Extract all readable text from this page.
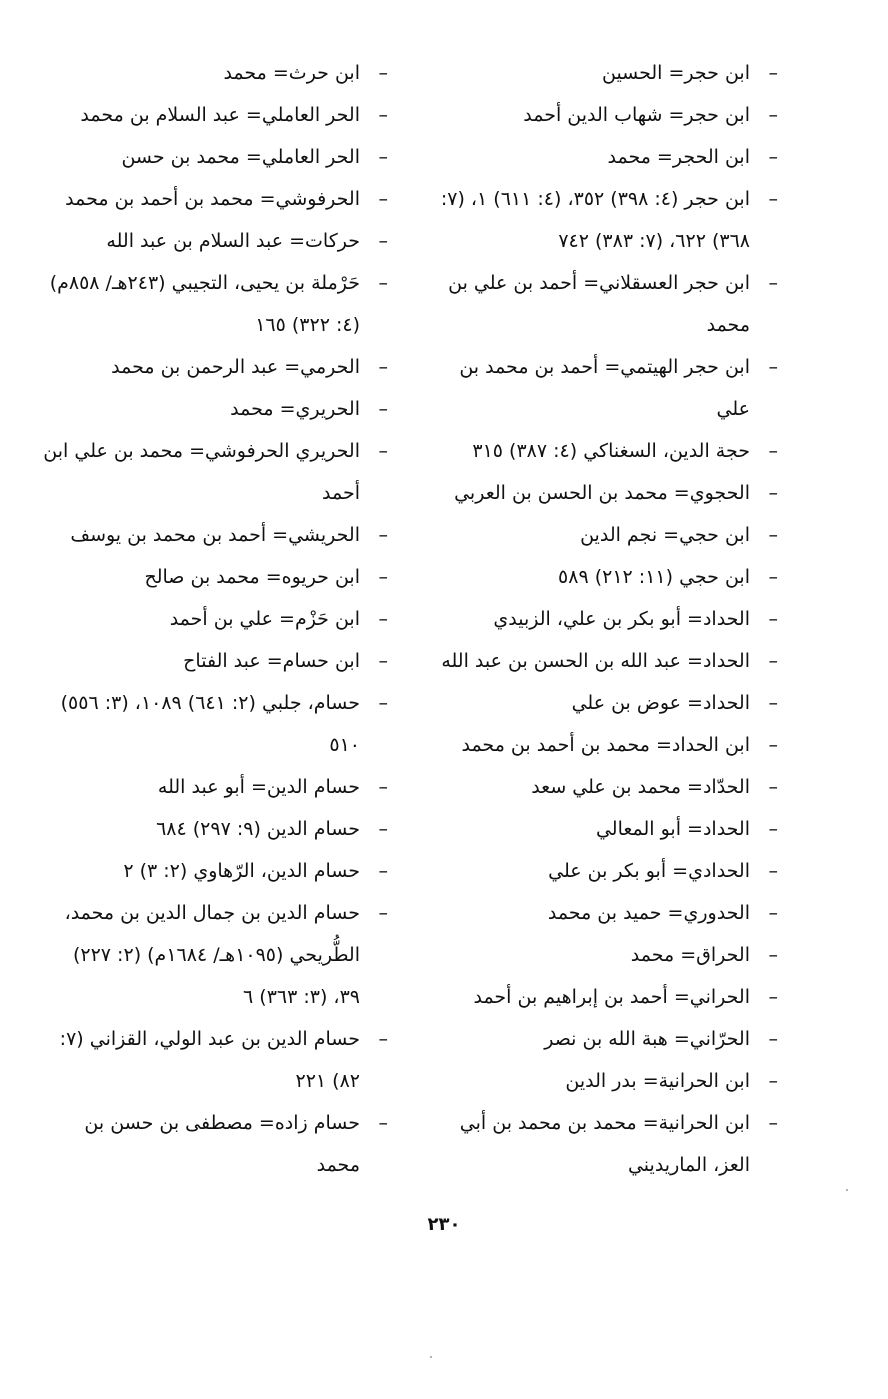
– ابن حجر= الحسين
– ابن حجر= شهاب الدين أحمد
– ابن الحجر= محمد
– ابن حجر (٤: ٣٩٨) ٣٥٢، (٤: ٦١١) ١، (٧: ٣٦٨) ٦٢٢، (٧: ٣٨٣) ٧٤٢
– ابن حجر العسقلاني= أحمد بن علي بن محمد
– ابن حجر الهيتمي= أحمد بن محمد بن علي
– حجة الدين، السغناكي (٤: ٣٨٧) ٣١٥
– الحجوي= محمد بن الحسن بن العربي
– ابن حجي= نجم الدين
– ابن حجي (١١: ٢١٢) ٥٨٩
– الحداد= أبو بكر بن علي، الزبيدي
– الحداد= عبد الله بن الحسن بن عبد الله
– الحداد= عوض بن علي
– ابن الحداد= محمد بن أحمد بن محمد
– الحدّاد= محمد بن علي سعد
– الحداد= أبو المعالي
– الحدادي= أبو بكر بن علي
– الحدوري= حميد بن محمد
– الحراق= محمد
– الحراني= أحمد بن إبراهيم بن أحمد
– الحرّاني= هبة الله بن نصر
– ابن الحرانية= بدر الدين
– ابن الحرانية= محمد بن محمد بن أبي العز، الماريديني
– ابن حرث= محمد
– الحر العاملي= عبد السلام بن محمد
– الحر العاملي= محمد بن حسن
– الحرفوشي= محمد بن أحمد بن محمد
– حركات= عبد السلام بن عبد الله
– حَرْملة بن يحيى، التجيبي (٢٤٣هـ/ ٨٥٨م) (٤: ٣٢٢) ١٦٥
– الحرمي= عبد الرحمن بن محمد
– الحريري= محمد
– الحريري الحرفوشي= محمد بن علي ابن أحمد
– الحريشي= أحمد بن محمد بن يوسف
– ابن حريوه= محمد بن صالح
– ابن حَزْم= علي بن أحمد
– ابن حسام= عبد الفتاح
– حسام، جلبي (٢: ٦٤١) ١٠٨٩، (٣: ٥٥٦) ٥١٠
– حسام الدين= أبو عبد الله
– حسام الدين (٩: ٢٩٧) ٦٨٤
– حسام الدين، الرّهاوي (٢: ٣) ٢
– حسام الدين بن جمال الدين بن محمد، الطُّريحي (١٠٩٥هـ/ ١٦٨٤م) (٢: ٢٢٧) ٣٩، (٣: ٣٦٣) ٦
– حسام الدين بن عبد الولي، القزاني (٧: ٨٢) ٢٢١
– حسام زاده= مصطفى بن حسن بن محمد
٢٣٠
